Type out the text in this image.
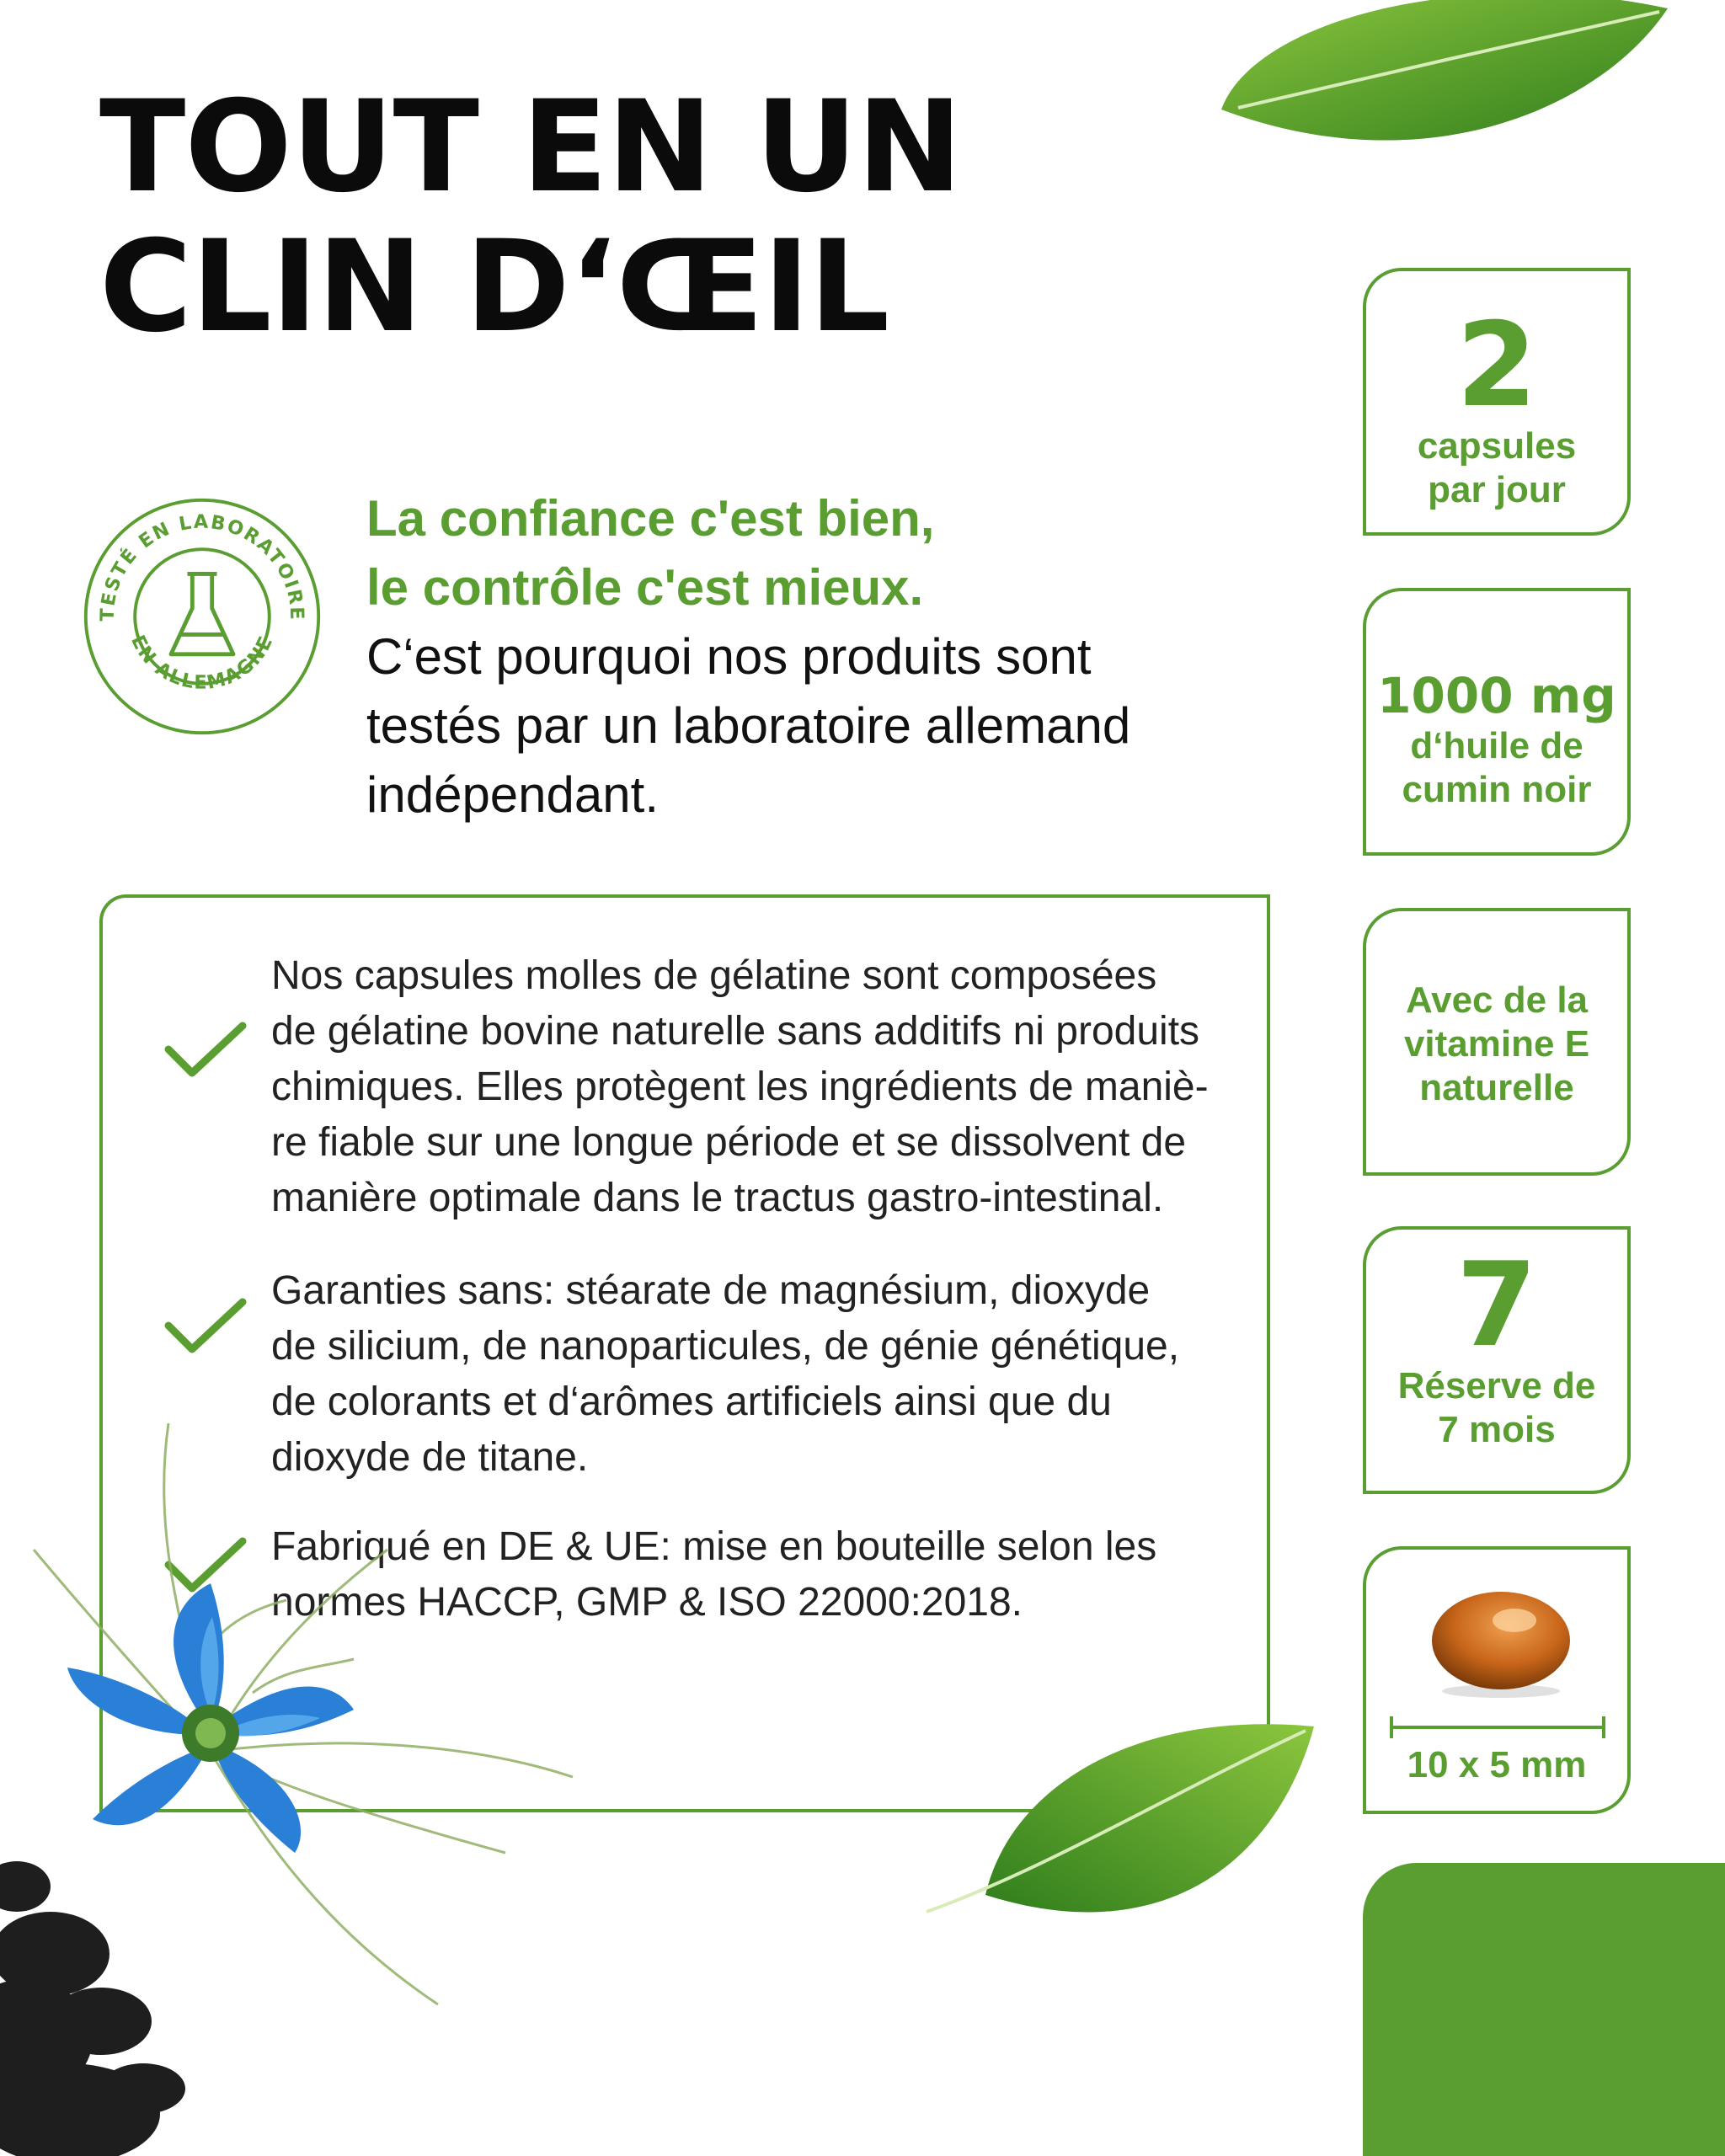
TOUT EN UN
CLIN D‘ŒIL
TESTÉ EN LABORATOIRE
EN ALLEMAGNE
La confiance c'est bien,
le contrôle c'est mieux.
C‘est pourquoi nos produits sont
testés par un laboratoire allemand
indépendant.
Nos capsules molles de gélatine sont composées
de gélatine bovine naturelle sans additifs ni produits
chimiques. Elles protègent les ingrédients de maniè-
re fiable sur une longue période et se dissolvent de
manière optimale dans le tractus gastro-intestinal.
Garanties sans: stéarate de magnésium, dioxyde
de silicium, de nanoparticules, de génie génétique,
de colorants et d‘arômes artificiels ainsi que du
dioxyde de titane.
Fabriqué en DE & UE: mise en bouteille selon les
normes HACCP, GMP & ISO 22000:2018.
2
capsules
par jour
1000 mg
d‘huile de
cumin noir
Avec de la
vitamine E
naturelle
7
Réserve de
7 mois
10 x 5 mm
